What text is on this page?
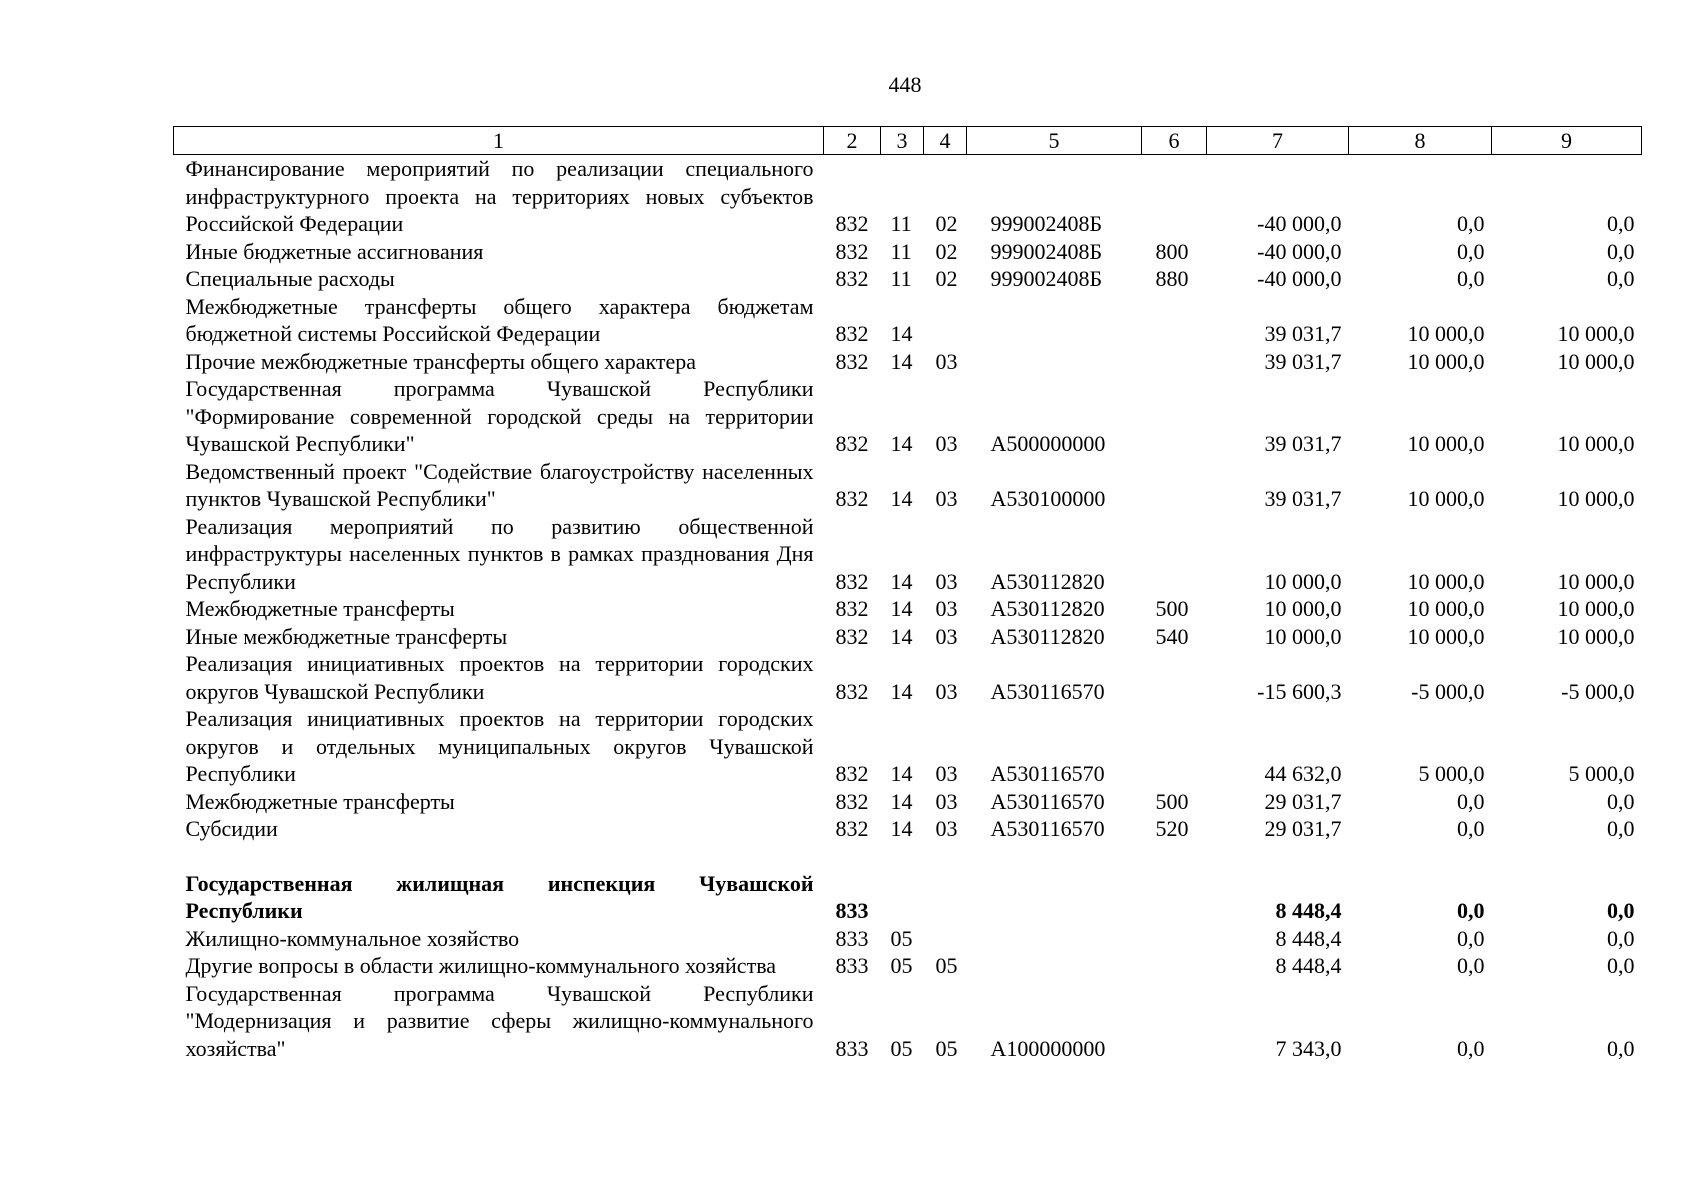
448
1	2	3	4	5	6	7	8	9
Финансирование мероприятий по реализации специального инфраструктурного проекта на территориях новых субъектов Российской Федерации	832	11	02	999002408Б		-40 000,0	0,0	0,0
Иные бюджетные ассигнования	832	11	02	999002408Б	800	-40 000,0	0,0	0,0
Специальные расходы	832	11	02	999002408Б	880	-40 000,0	0,0	0,0
Межбюджетные трансферты общего характера бюджетам бюджетной системы Российской Федерации	832	14				39 031,7	10 000,0	10 000,0
Прочие межбюджетные трансферты общего характера	832	14	03			39 031,7	10 000,0	10 000,0
Государственная программа Чувашской Республики "Формирование современной городской среды на территории Чувашской Республики"	832	14	03	А500000000		39 031,7	10 000,0	10 000,0
Ведомственный проект "Содействие благоустройству населенных пунктов Чувашской Республики"	832	14	03	А530100000		39 031,7	10 000,0	10 000,0
Реализация мероприятий по развитию общественной инфраструктуры населенных пунктов в рамках празднования Дня Республики	832	14	03	А530112820		10 000,0	10 000,0	10 000,0
Межбюджетные трансферты	832	14	03	А530112820	500	10 000,0	10 000,0	10 000,0
Иные межбюджетные трансферты	832	14	03	А530112820	540	10 000,0	10 000,0	10 000,0
Реализация инициативных проектов на территории городских округов Чувашской Республики	832	14	03	А530116570		-15 600,3	-5 000,0	-5 000,0
Реализация инициативных проектов на территории городских округов и отдельных муниципальных округов Чувашской Республики	832	14	03	А530116570		44 632,0	5 000,0	5 000,0
Межбюджетные трансферты	832	14	03	А530116570	500	29 031,7	0,0	0,0
Субсидии	832	14	03	А530116570	520	29 031,7	0,0	0,0

Государственная жилищная инспекция Чувашской Республики	833					8 448,4	0,0	0,0
Жилищно-коммунальное хозяйство	833	05				8 448,4	0,0	0,0
Другие вопросы в области жилищно-коммунального хозяйства	833	05	05			8 448,4	0,0	0,0
Государственная программа Чувашской Республики "Модернизация и развитие сферы жилищно-коммунального хозяйства"	833	05	05	А100000000		7 343,0	0,0	0,0
